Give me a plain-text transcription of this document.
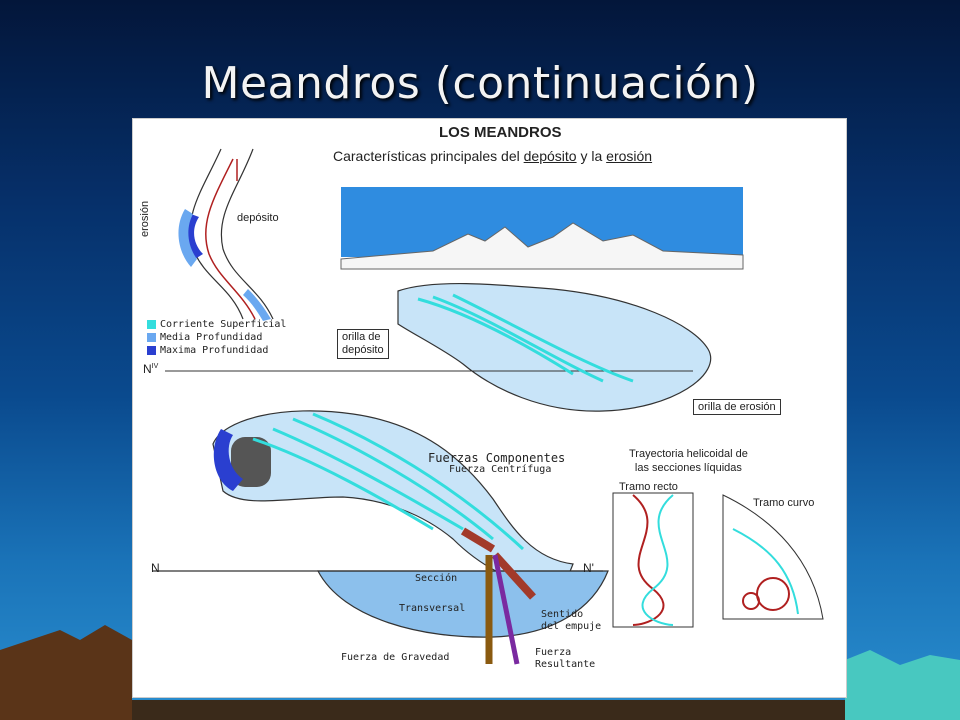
Meandros (continuación)
LOS MEANDROS
Características principales del depósito y la erosión
erosión	depósito
Corriente Superficial
Media Profundidad
Maxima Profundidad
orilla de
depósito
orilla de erosión
$N^{IV}$
N	N'
Fuerzas Componentes
Fuerza Centrífuga
Sección
Transversal
Sentido
del empuje
Fuerza de Gravedad	Fuerza
Resultante
Trayectoria helicoidal de
las secciones líquidas
Tramo recto
Tramo curvo
